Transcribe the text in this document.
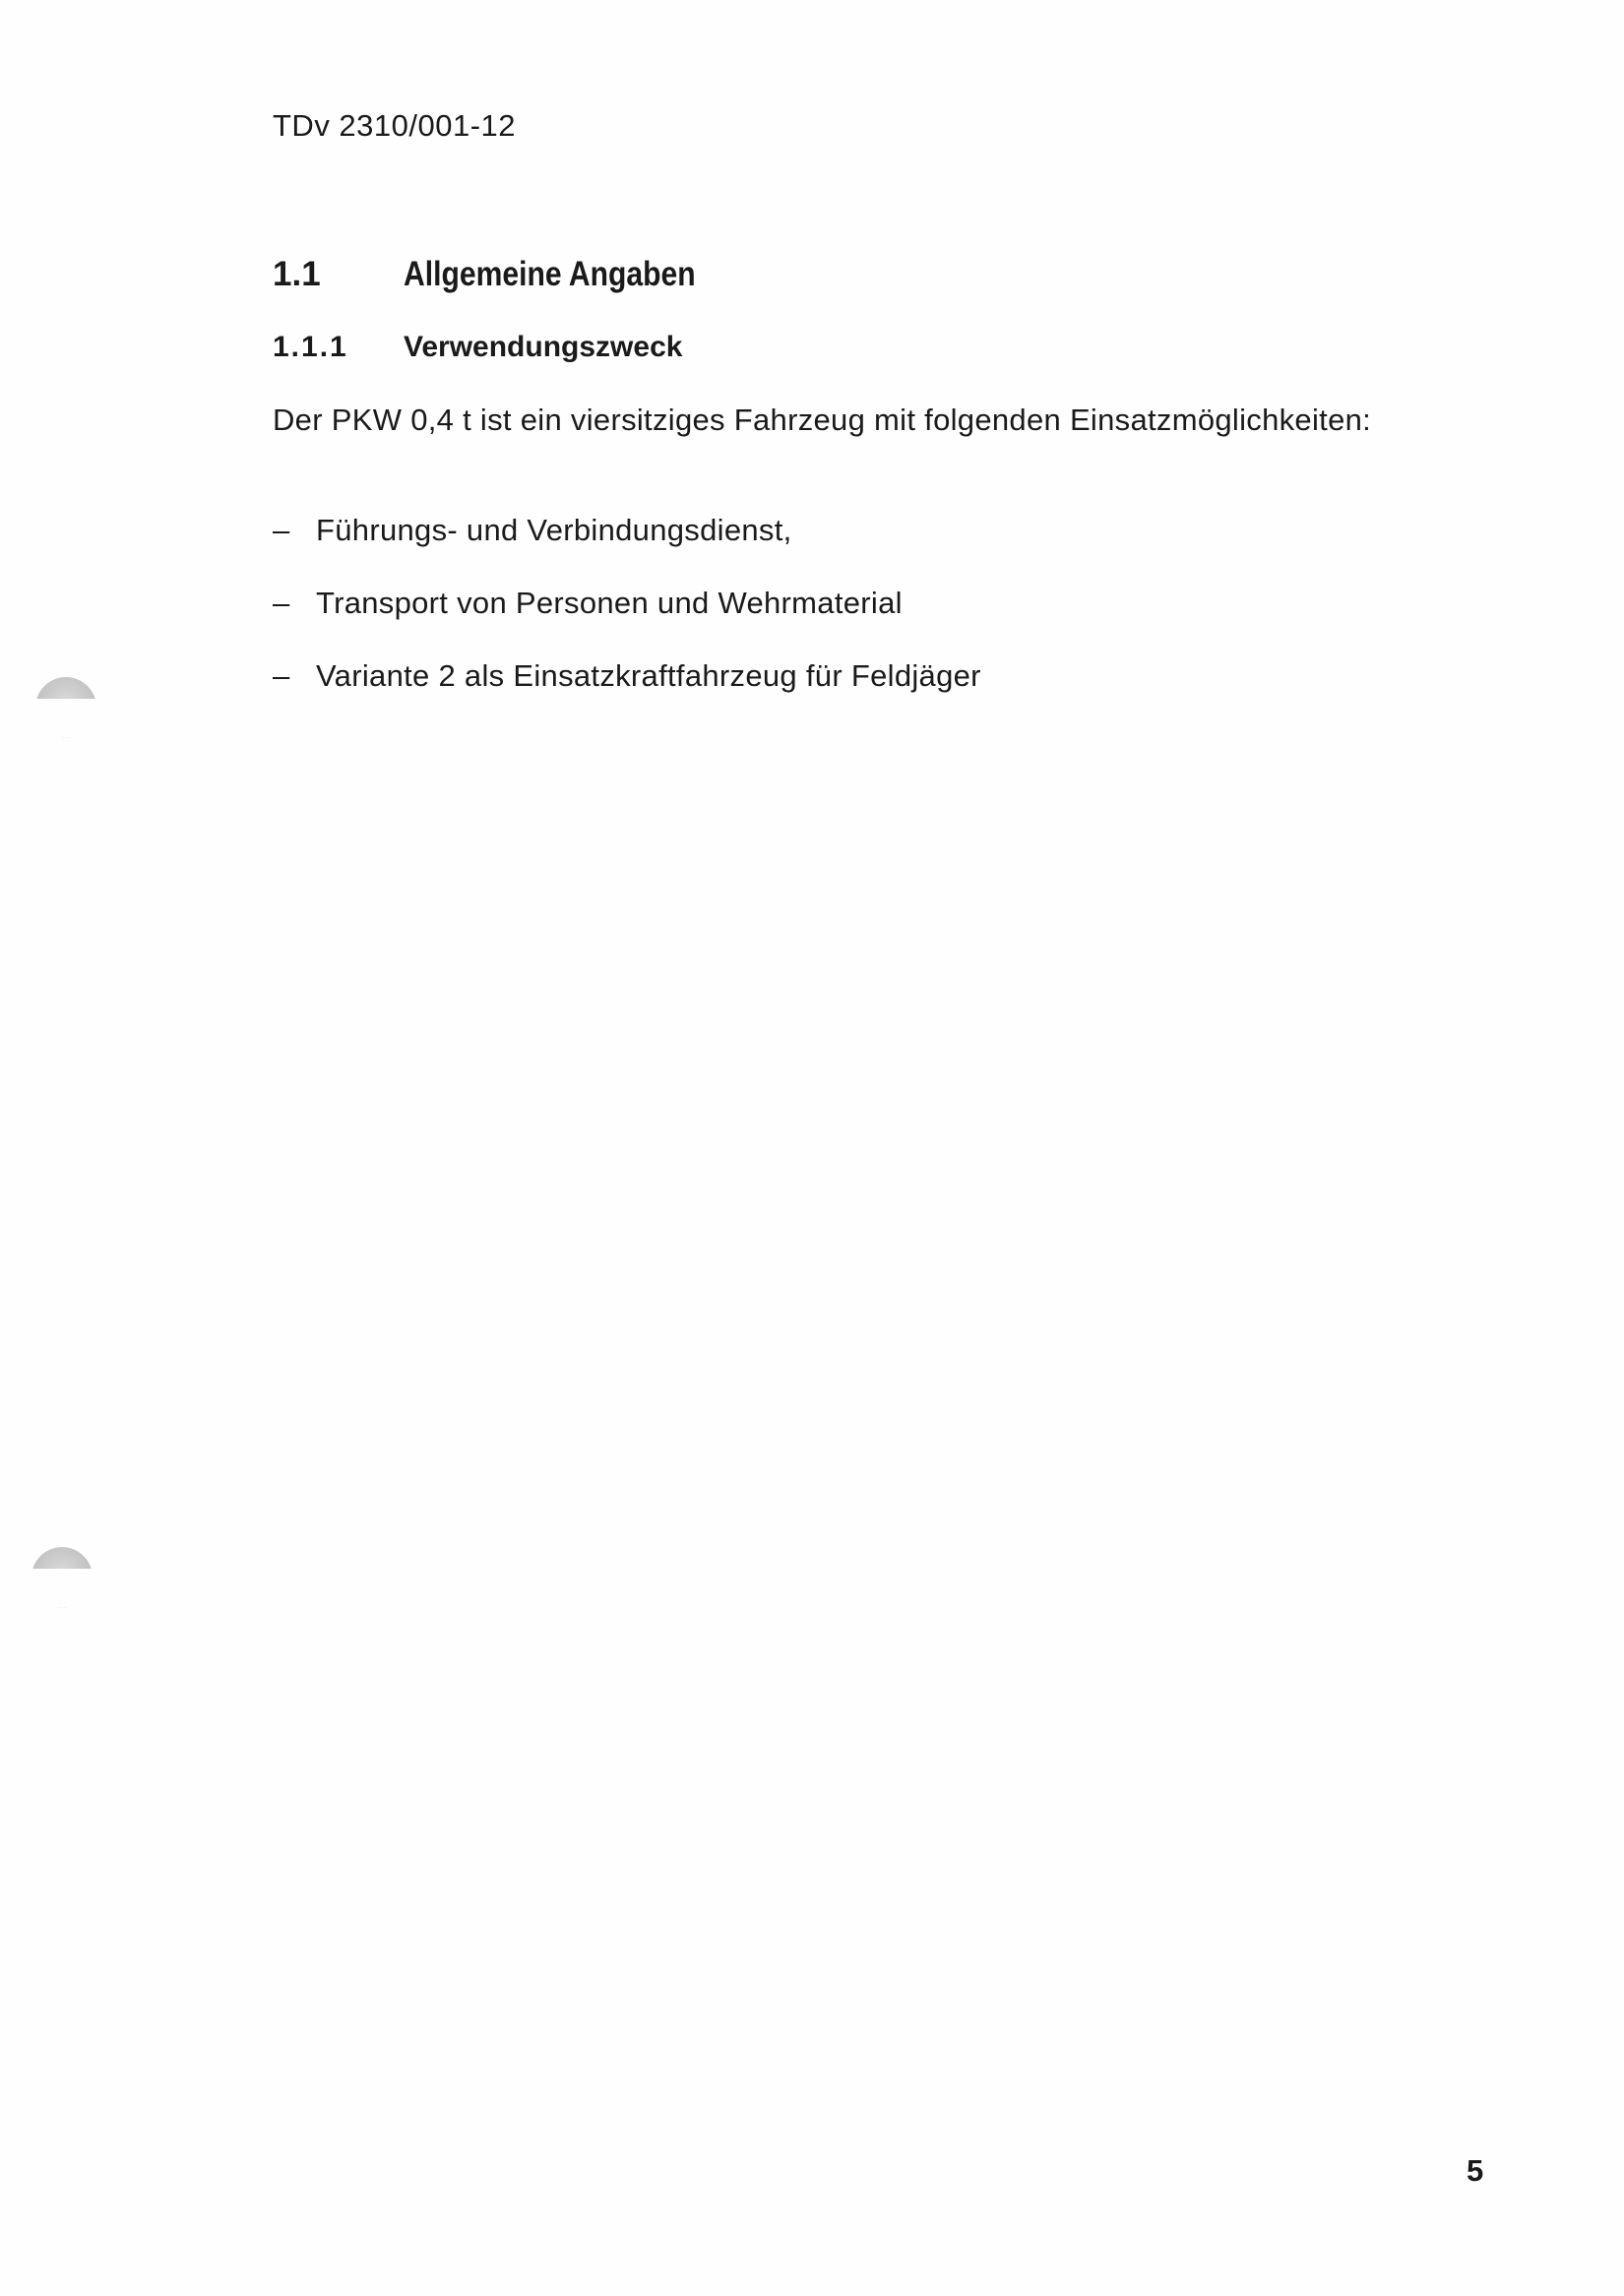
TDv 2310/001-12
1.1 Allgemeine Angaben
1.1.1 Verwendungszweck
Der PKW 0,4 t ist ein viersitziges Fahrzeug mit folgenden Einsatzmöglichkeiten:
– Führungs- und Verbindungsdienst,
– Transport von Personen und Wehrmaterial
– Variante 2 als Einsatzkraftfahrzeug für Feldjäger
5
